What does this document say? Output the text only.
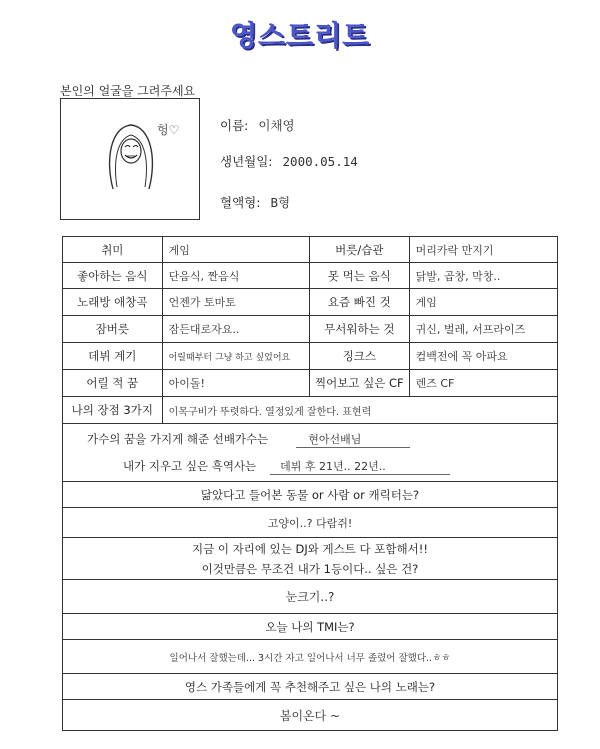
영스트리트
본인의 얼굴을 그려주세요
헝♡	이름: 이채영
생년월일: 2000.05.14
혈액형: B형
취미	게임	버릇/습관	머리카락 만지기
좋아하는 음식	단음식, 짠음식	못 먹는 음식	닭발, 곱창, 막창..
노래방 애창곡	언젠가 토마토	요즘 빠진 것	게임
잠버릇	잠든대로자요..	무서워하는 것	귀신, 벌레, 서프라이즈
데뷔 계기	어릴때부터 그냥 하고 싶었어요	징크스	컴백전에 꼭 아파요
어릴 적 꿈	아이돌!	찍어보고 싶은 CF	렌즈 CF
나의 장점 3가지	이목구비가 뚜렷하다. 열정있게 잘한다. 표현력
가수의 꿈을 가지게 해준 선배가수는	현아선배님
내가 지우고 싶은 흑역사는	데뷔 후 21년.. 22년..
닮았다고 들어본 동물 or 사람 or 캐릭터는?
고양이..? 다람쥐!
지금 이 자리에 있는 DJ와 게스트 다 포함해서!!
이것만큼은 무조건 내가 1등이다.. 싶은 건?
눈크기..?
오늘 나의 TMI는?
일어나서 잘했는데... 3시간 자고 일어나서 너무 졸렸어 잘했다..ㅎㅎ
영스 가족들에게 꼭 추천해주고 싶은 나의 노래는?
봄이온다 ~
